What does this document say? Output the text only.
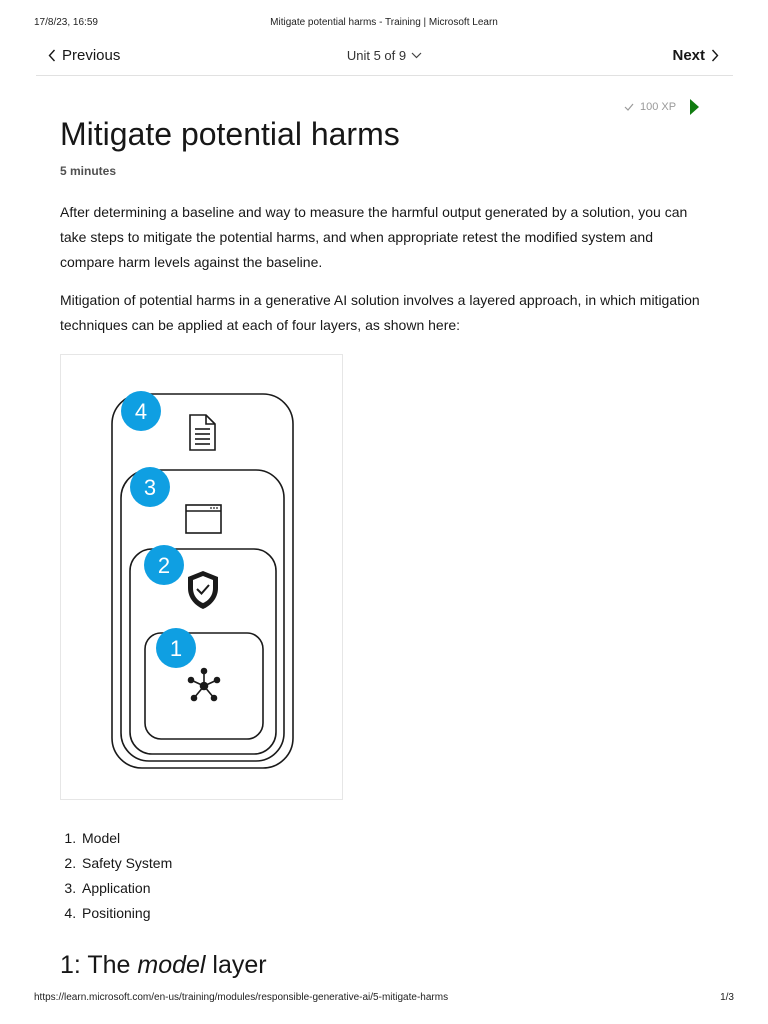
17/8/23, 16:59	Mitigate potential harms - Training | Microsoft Learn
Previous	Unit 5 of 9	Next
100 XP
Mitigate potential harms
5 minutes

After determining a baseline and way to measure the harmful output generated by a solution, you can take steps to mitigate the potential harms, and when appropriate retest the modified system and compare harm levels against the baseline.

Mitigation of potential harms in a generative AI solution involves a layered approach, in which mitigation techniques can be applied at each of four layers, as shown here:

4
3
2
1
1. Model
2. Safety System
3. Application
4. Positioning
1: The model layer
https://learn.microsoft.com/en-us/training/modules/responsible-generative-ai/5-mitigate-harms	1/3
